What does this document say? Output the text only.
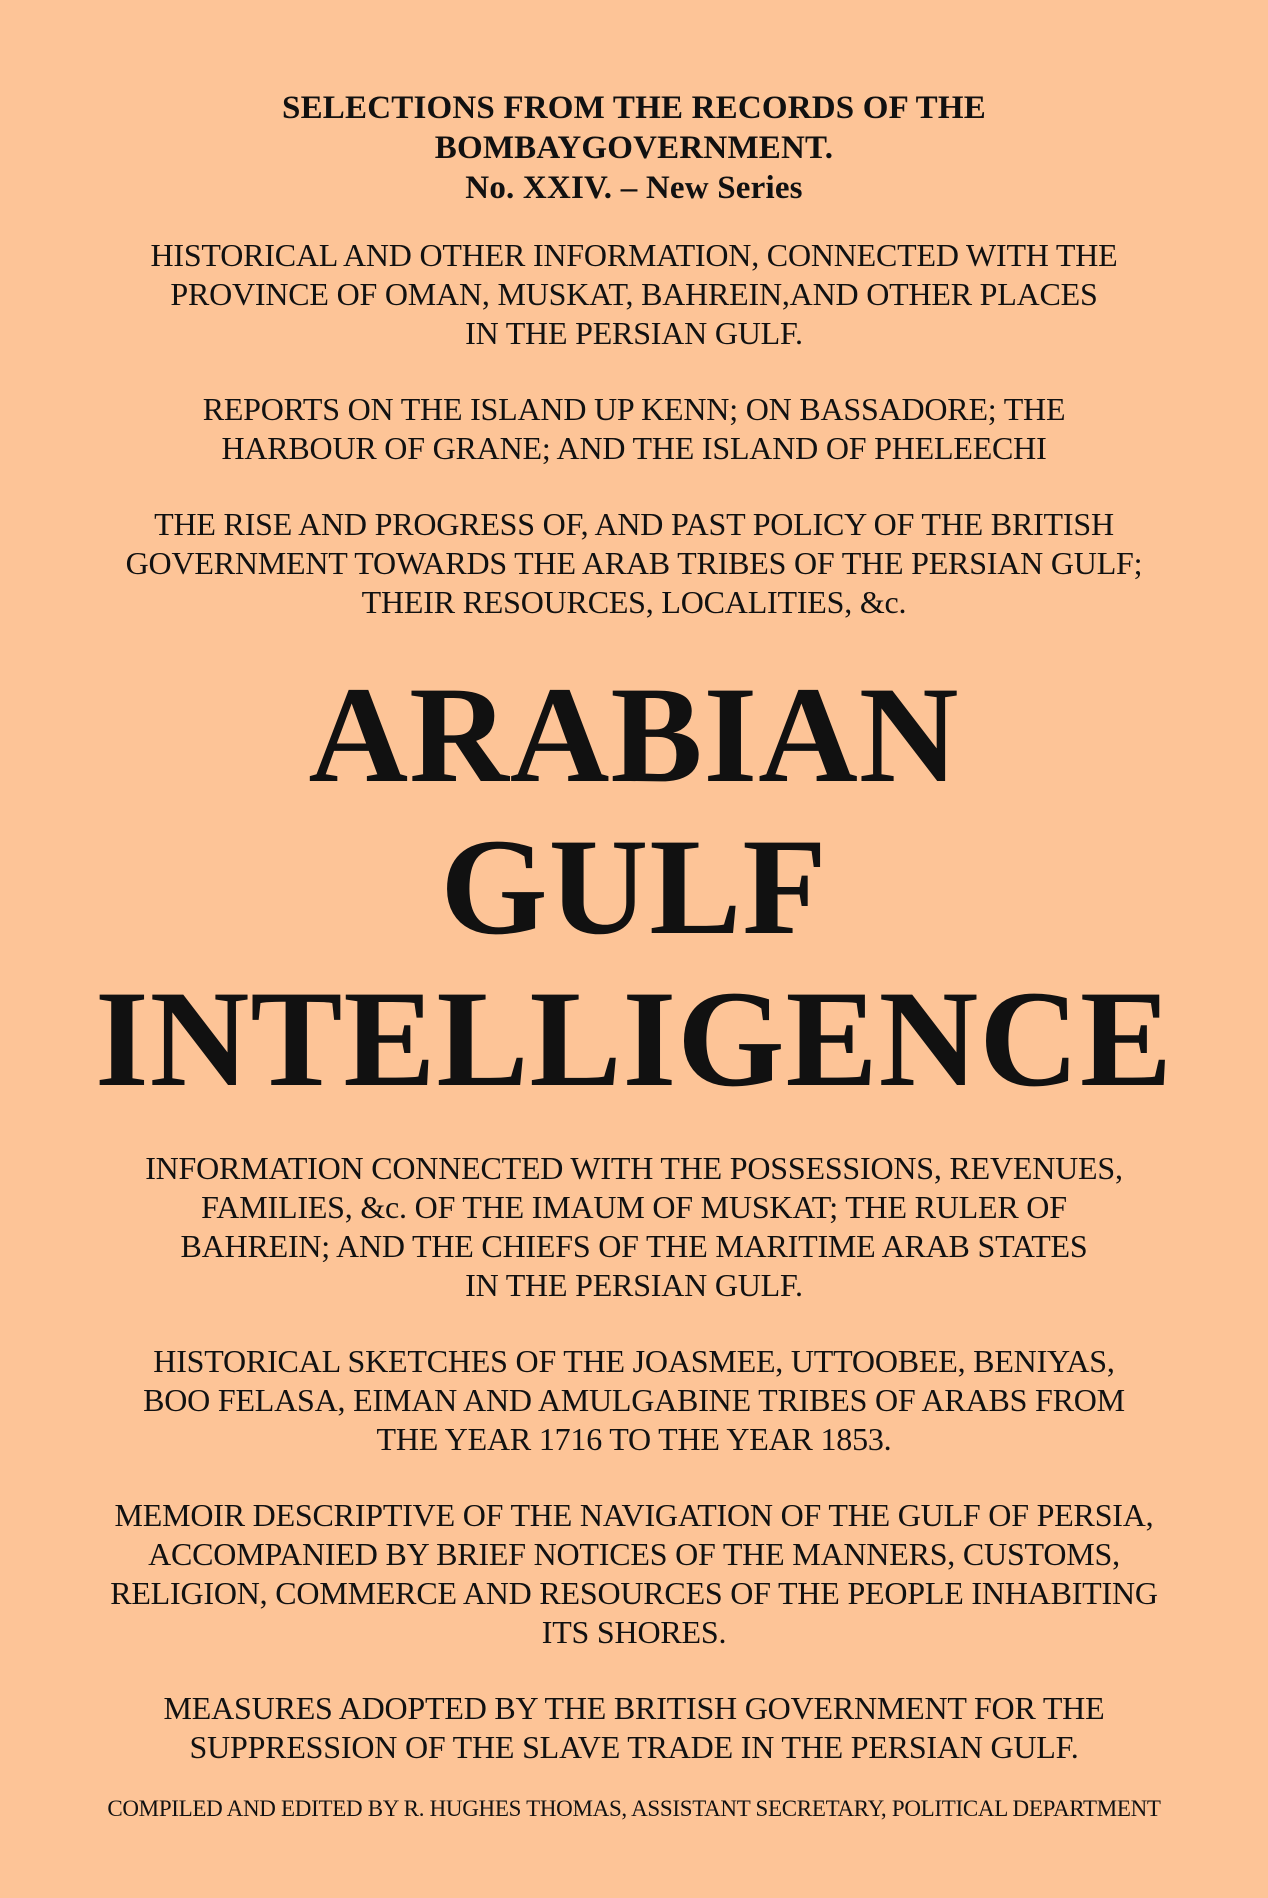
SELECTIONS FROM THE RECORDS OF THE
BOMBAYGOVERNMENT.
No. XXIV. – New Series
HISTORICAL AND OTHER INFORMATION, CONNECTED WITH THE
PROVINCE OF OMAN, MUSKAT, BAHREIN,AND OTHER PLACES
IN THE PERSIAN GULF.
REPORTS ON THE ISLAND UP KENN; ON BASSADORE; THE
HARBOUR OF GRANE; AND THE ISLAND OF PHELEECHI
THE RISE AND PROGRESS OF, AND PAST POLICY OF THE BRITISH
GOVERNMENT TOWARDS THE ARAB TRIBES OF THE PERSIAN GULF;
THEIR RESOURCES, LOCALITIES, &c.
ARABIAN
GULF
INTELLIGENCE
INFORMATION CONNECTED WITH THE POSSESSIONS, REVENUES,
FAMILIES, &c. OF THE IMAUM OF MUSKAT; THE RULER OF
BAHREIN; AND THE CHIEFS OF THE MARITIME ARAB STATES
IN THE PERSIAN GULF.
HISTORICAL SKETCHES OF THE JOASMEE, UTTOOBEE, BENIYAS,
BOO FELASA, EIMAN AND AMULGABINE TRIBES OF ARABS FROM
THE YEAR 1716 TO THE YEAR 1853.
MEMOIR DESCRIPTIVE OF THE NAVIGATION OF THE GULF OF PERSIA,
ACCOMPANIED BY BRIEF NOTICES OF THE MANNERS, CUSTOMS,
RELIGION, COMMERCE AND RESOURCES OF THE PEOPLE INHABITING
ITS SHORES.
MEASURES ADOPTED BY THE BRITISH GOVERNMENT FOR THE
SUPPRESSION OF THE SLAVE TRADE IN THE PERSIAN GULF.
COMPILED AND EDITED BY R. HUGHES THOMAS, ASSISTANT SECRETARY, POLITICAL DEPARTMENT
